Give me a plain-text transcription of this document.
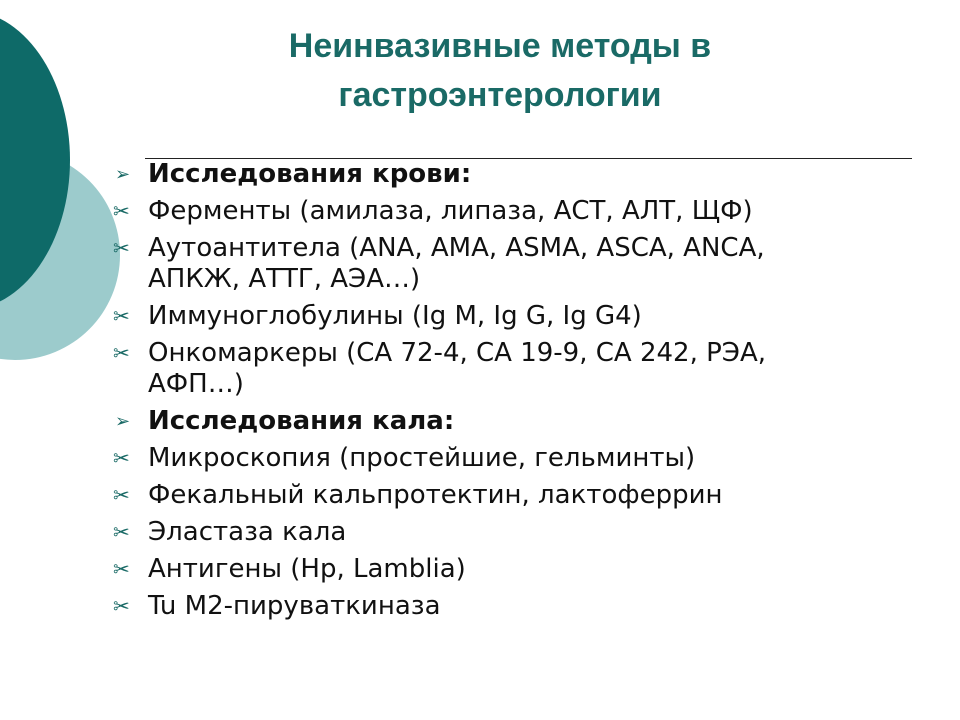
Неинвазивные методы в
гастроэнтерологии
➢ Исследования крови:
✂ Ферменты (амилаза, липаза, АСТ, АЛТ, ЩФ)
✂ Аутоантитела (ANA, AMA, ASMA, ASCA, ANCA, АПКЖ, АТТГ, АЭА…)
✂ Иммуноглобулины (Ig M, Ig G, Ig G4)
✂ Онкомаркеры (СА 72-4, СА 19-9, СА 242, РЭА, АФП…)
➢ Исследования кала:
✂ Микроскопия (простейшие, гельминты)
✂ Фекальный кальпротектин, лактоферрин
✂ Эластаза кала
✂ Антигены (Hp, Lamblia)
✂ Tu M2-пируваткиназа
